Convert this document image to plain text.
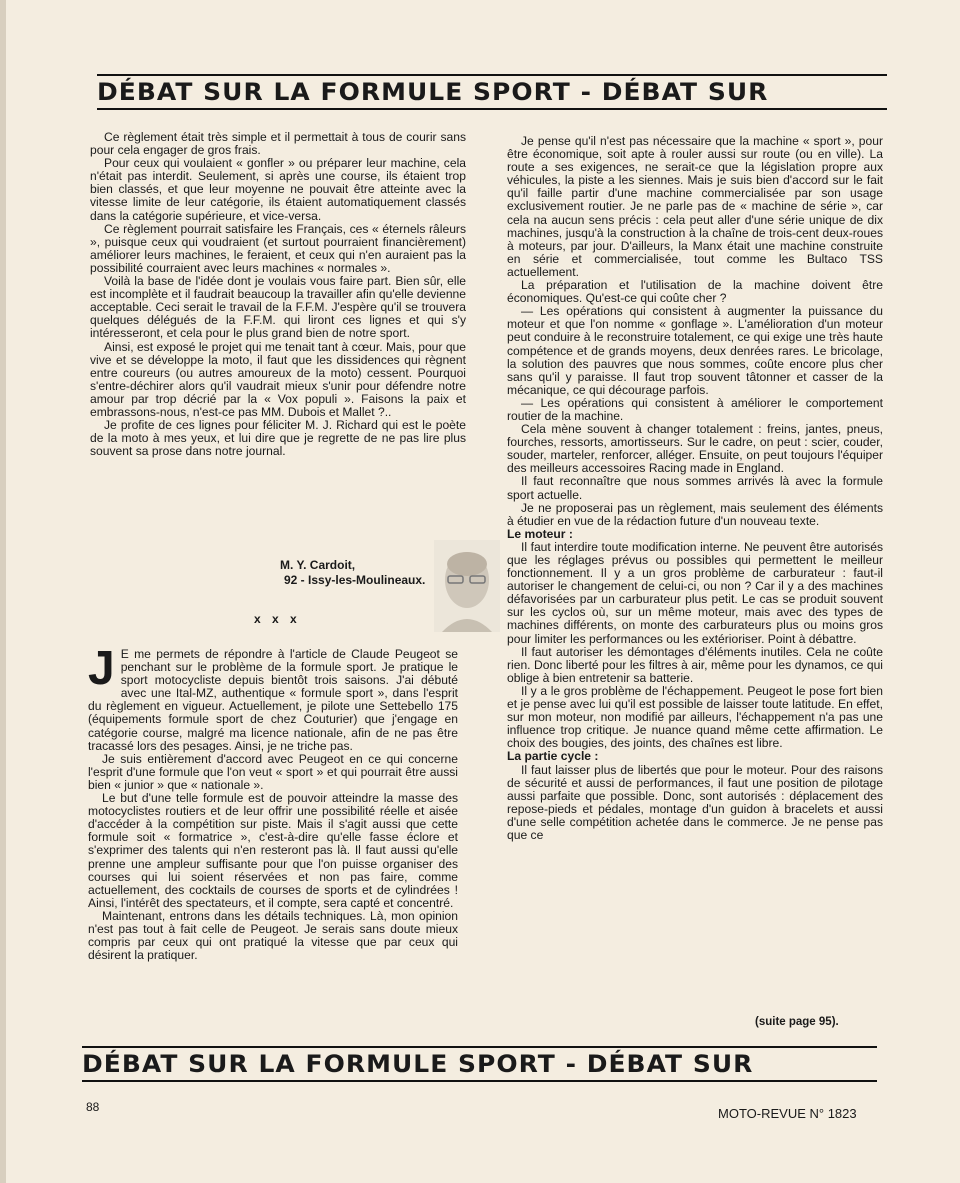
DÉBAT SUR LA FORMULE SPORT - DÉBAT SUR

Ce règlement était très simple et il permettait à tous de courir sans pour cela engager de gros frais.

Pour ceux qui voulaient « gonfler » ou préparer leur machine, cela n'était pas interdit. Seulement, si après une course, ils étaient trop bien classés, et que leur moyenne ne pouvait être atteinte avec la vitesse limite de leur catégorie, ils étaient automatiquement classés dans la catégorie supérieure, et vice-versa.

Ce règlement pourrait satisfaire les Français, ces « éternels râleurs », puisque ceux qui voudraient (et surtout pourraient financièrement) améliorer leurs machines, le feraient, et ceux qui n'en auraient pas la possibilité courraient avec leurs machines « normales ».

Voilà la base de l'idée dont je voulais vous faire part. Bien sûr, elle est incomplète et il faudrait beaucoup la travailler afin qu'elle devienne acceptable. Ceci serait le travail de la F.F.M. J'espère qu'il se trouvera quelques délégués de la F.F.M. qui liront ces lignes et qui s'y intéresseront, et cela pour le plus grand bien de notre sport.

Ainsi, est exposé le projet qui me tenait tant à cœur. Mais, pour que vive et se développe la moto, il faut que les dissidences qui règnent entre coureurs (ou autres amoureux de la moto) cessent. Pourquoi s'entre-déchirer alors qu'il vaudrait mieux s'unir pour défendre notre amour par trop décrié par la « Vox populi ». Faisons la paix et embrassons-nous, n'est-ce pas MM. Dubois et Mallet ?..

Je profite de ces lignes pour féliciter M. J. Richard qui est le poète de la moto à mes yeux, et lui dire que je regrette de ne pas lire plus souvent sa prose dans notre journal.

M. Y. Cardoit,
92 - Issy-les-Moulineaux.
x x x

J E me permets de répondre à l'article de Claude Peugeot se penchant sur le problème de la formule sport. Je pratique le sport motocycliste depuis bientôt trois saisons. J'ai débuté avec une Ital-MZ, authentique « formule sport », dans l'esprit du règlement en vigueur. Actuellement, je pilote une Settebello 175 (équipements formule sport de chez Couturier) que j'engage en catégorie course, malgré ma licence nationale, afin de ne pas être tracassé lors des pesages. Ainsi, je ne triche pas.

Je suis entièrement d'accord avec Peugeot en ce qui concerne l'esprit d'une formule que l'on veut « sport » et qui pourrait être aussi bien « junior » que « nationale ».

Le but d'une telle formule est de pouvoir atteindre la masse des motocyclistes routiers et de leur offrir une possibilité réelle et aisée d'accéder à la compétition sur piste. Mais il s'agit aussi que cette formule soit « formatrice », c'est-à-dire qu'elle fasse éclore et s'exprimer des talents qui n'en resteront pas là. Il faut aussi qu'elle prenne une ampleur suffisante pour que l'on puisse organiser des courses qui lui soient réservées et non pas faire, comme actuellement, des cocktails de courses de sports et de cylindrées ! Ainsi, l'intérêt des spectateurs, et il compte, sera capté et concentré.

Maintenant, entrons dans les détails techniques. Là, mon opinion n'est pas tout à fait celle de Peugeot. Je serais sans doute mieux compris par ceux qui ont pratiqué la vitesse que par ceux qui désirent la pratiquer.

Je pense qu'il n'est pas nécessaire que la machine « sport », pour être économique, soit apte à rouler aussi sur route (ou en ville). La route a ses exigences, ne serait-ce que la législation propre aux véhicules, la piste a les siennes. Mais je suis bien d'accord sur le fait qu'il faille partir d'une machine commercialisée par son usage exclusivement routier. Je ne parle pas de « machine de série », car cela na aucun sens précis : cela peut aller d'une série unique de dix machines, jusqu'à la construction à la chaîne de trois-cent deux-roues à moteurs, par jour. D'ailleurs, la Manx était une machine construite en série et commercialisée, tout comme les Bultaco TSS actuellement.

La préparation et l'utilisation de la machine doivent être économiques. Qu'est-ce qui coûte cher ?

— Les opérations qui consistent à augmenter la puissance du moteur et que l'on nomme « gonflage ». L'amélioration d'un moteur peut conduire à le reconstruire totalement, ce qui exige une très haute compétence et de grands moyens, deux denrées rares. Le bricolage, la solution des pauvres que nous sommes, coûte encore plus cher sans qu'il y paraisse. Il faut trop souvent tâtonner et casser de la mécanique, ce qui décourage parfois.

— Les opérations qui consistent à améliorer le comportement routier de la machine.

Cela mène souvent à changer totalement : freins, jantes, pneus, fourches, ressorts, amortisseurs. Sur le cadre, on peut : scier, couder, souder, marteler, renforcer, alléger. Ensuite, on peut toujours l'équiper des meilleurs accessoires Racing made in England.

Il faut reconnaître que nous sommes arrivés là avec la formule sport actuelle.

Je ne proposerai pas un règlement, mais seulement des éléments à étudier en vue de la rédaction future d'un nouveau texte.

Le moteur :

Il faut interdire toute modification interne. Ne peuvent être autorisés que les réglages prévus ou possibles qui permettent le meilleur fonctionnement. Il y a un gros problème de carburateur : faut-il autoriser le changement de celui-ci, ou non ? Car il y a des machines défavorisées par un carburateur plus petit. Le cas se produit souvent sur les cyclos où, sur un même moteur, mais avec des types de machines différents, on monte des carburateurs plus ou moins gros pour limiter les performances ou les extérioriser. Point à débattre.

Il faut autoriser les démontages d'éléments inutiles. Cela ne coûte rien. Donc liberté pour les filtres à air, même pour les dynamos, ce qui oblige à bien entretenir sa batterie.

Il y a le gros problème de l'échappement. Peugeot le pose fort bien et je pense avec lui qu'il est possible de laisser toute latitude. En effet, sur mon moteur, non modifié par ailleurs, l'échappement n'a pas une influence trop critique. Je nuance quand même cette affirmation. Le choix des bougies, des joints, des chaînes est libre.

La partie cycle :

Il faut laisser plus de libertés que pour le moteur. Pour des raisons de sécurité et aussi de performances, il faut une position de pilotage aussi parfaite que possible. Donc, sont autorisés : déplacement des repose-pieds et pédales, montage d'un guidon à bracelets et aussi d'une selle compétition achetée dans le commerce. Je ne pense pas que ce

(suite page 95).
DÉBAT SUR LA FORMULE SPORT - DÉBAT SUR
88	MOTO-REVUE N° 1823
